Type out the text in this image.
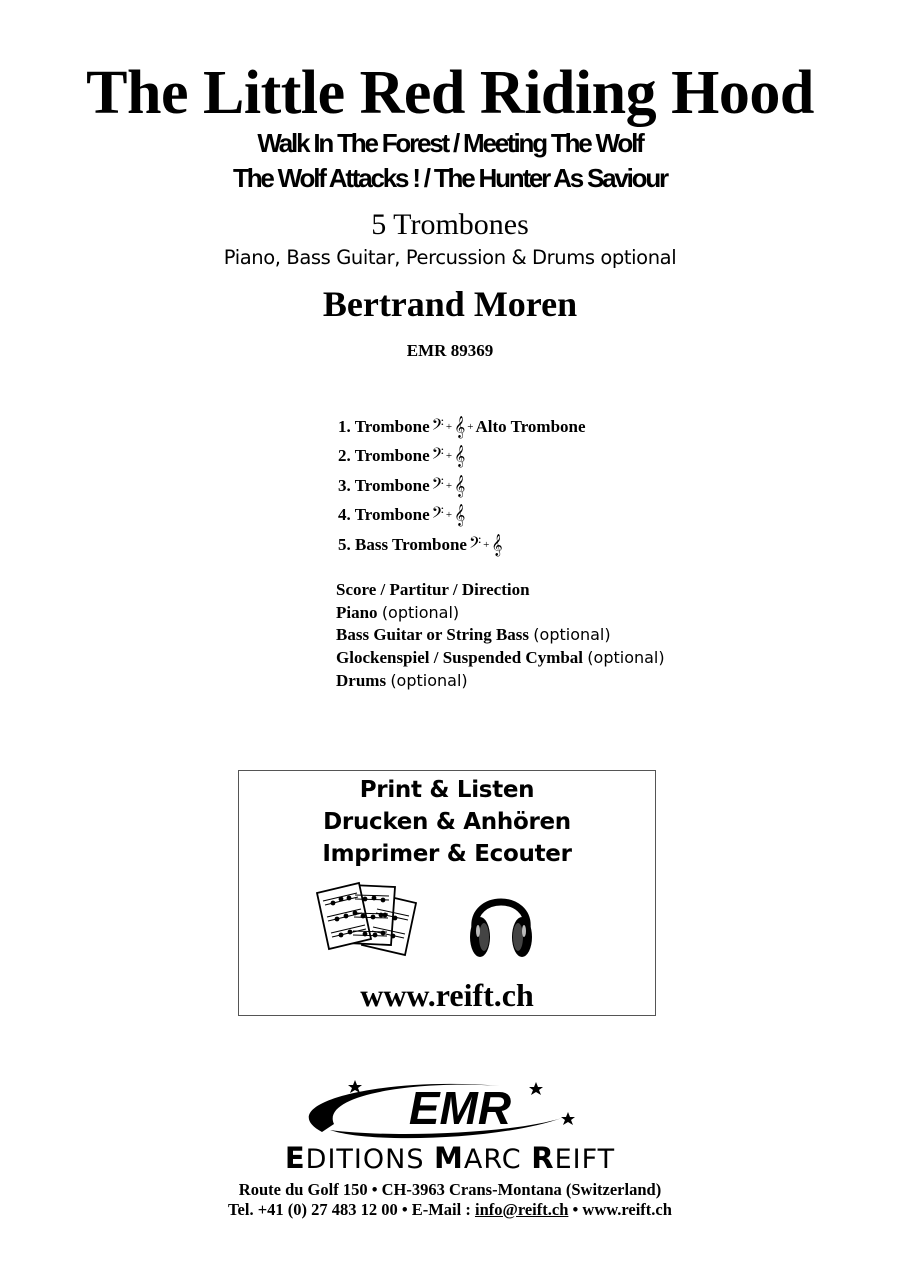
The Little Red Riding Hood
Walk In The Forest / Meeting The Wolf
The Wolf Attacks ! / The Hunter As Saviour
5 Trombones
Piano, Bass Guitar, Percussion & Drums optional
Bertrand Moren
EMR 89369
1. Trombone 𝄢 + 𝄞 + Alto Trombone
2. Trombone 𝄢 + 𝄞
3. Trombone 𝄢 + 𝄞
4. Trombone 𝄢 + 𝄞
5. Bass Trombone 𝄢 + 𝄞
Score / Partitur / Direction
Piano (optional)
Bass Guitar or String Bass (optional)
Glockenspiel / Suspended Cymbal (optional)
Drums (optional)
Print & Listen
Drucken & Anhören
Imprimer & Ecouter
www.reift.ch
EMR
EDITIONS MARC REIFT
Route du Golf 150 • CH-3963 Crans-Montana (Switzerland)
Tel. +41 (0) 27 483 12 00 • E-Mail : info@reift.ch • www.reift.ch
